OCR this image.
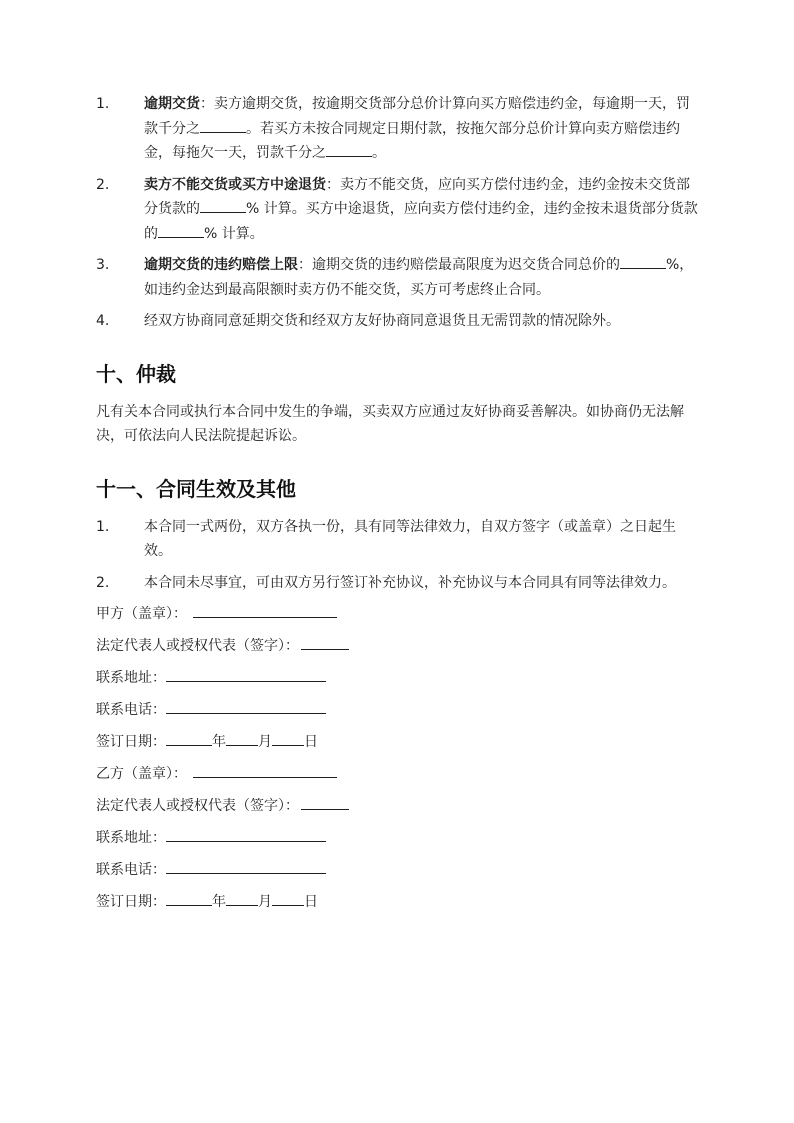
1. 逾期交货：卖方逾期交货，按逾期交货部分总价计算向买方赔偿违约金，每逾期一天，罚款千分之	。若买方未按合同规定日期付款，按拖欠部分总价计算向卖方赔偿违约金，每拖欠一天，罚款千分之	。
2. 卖方不能交货或买方中途退货：卖方不能交货，应向买方偿付违约金，违约金按未交货部分货款的	% 计算。买方中途退货，应向卖方偿付违约金，违约金按未退货部分货款的	% 计算。
3. 逾期交货的违约赔偿上限：逾期交货的违约赔偿最高限度为迟交货合同总价的	%，如违约金达到最高限额时卖方仍不能交货，买方可考虑终止合同。
4. 经双方协商同意延期交货和经双方友好协商同意退货且无需罚款的情况除外。
十、仲裁

凡有关本合同或执行本合同中发生的争端，买卖双方应通过友好协商妥善解决。如协商仍无法解决，可依法向人民法院提起诉讼。

十一、合同生效及其他
1. 本合同一式两份，双方各执一份，具有同等法律效力，自双方签字（或盖章）之日起生效。
2. 本合同未尽事宜，可由双方另行签订补充协议，补充协议与本合同具有同等法律效力。
甲方（盖章）：
法定代表人或授权代表（签字）：
联系地址：
联系电话：
签订日期：	年 月 日
乙方（盖章）：
法定代表人或授权代表（签字）：
联系地址：
联系电话：
签订日期：	年 月 日
